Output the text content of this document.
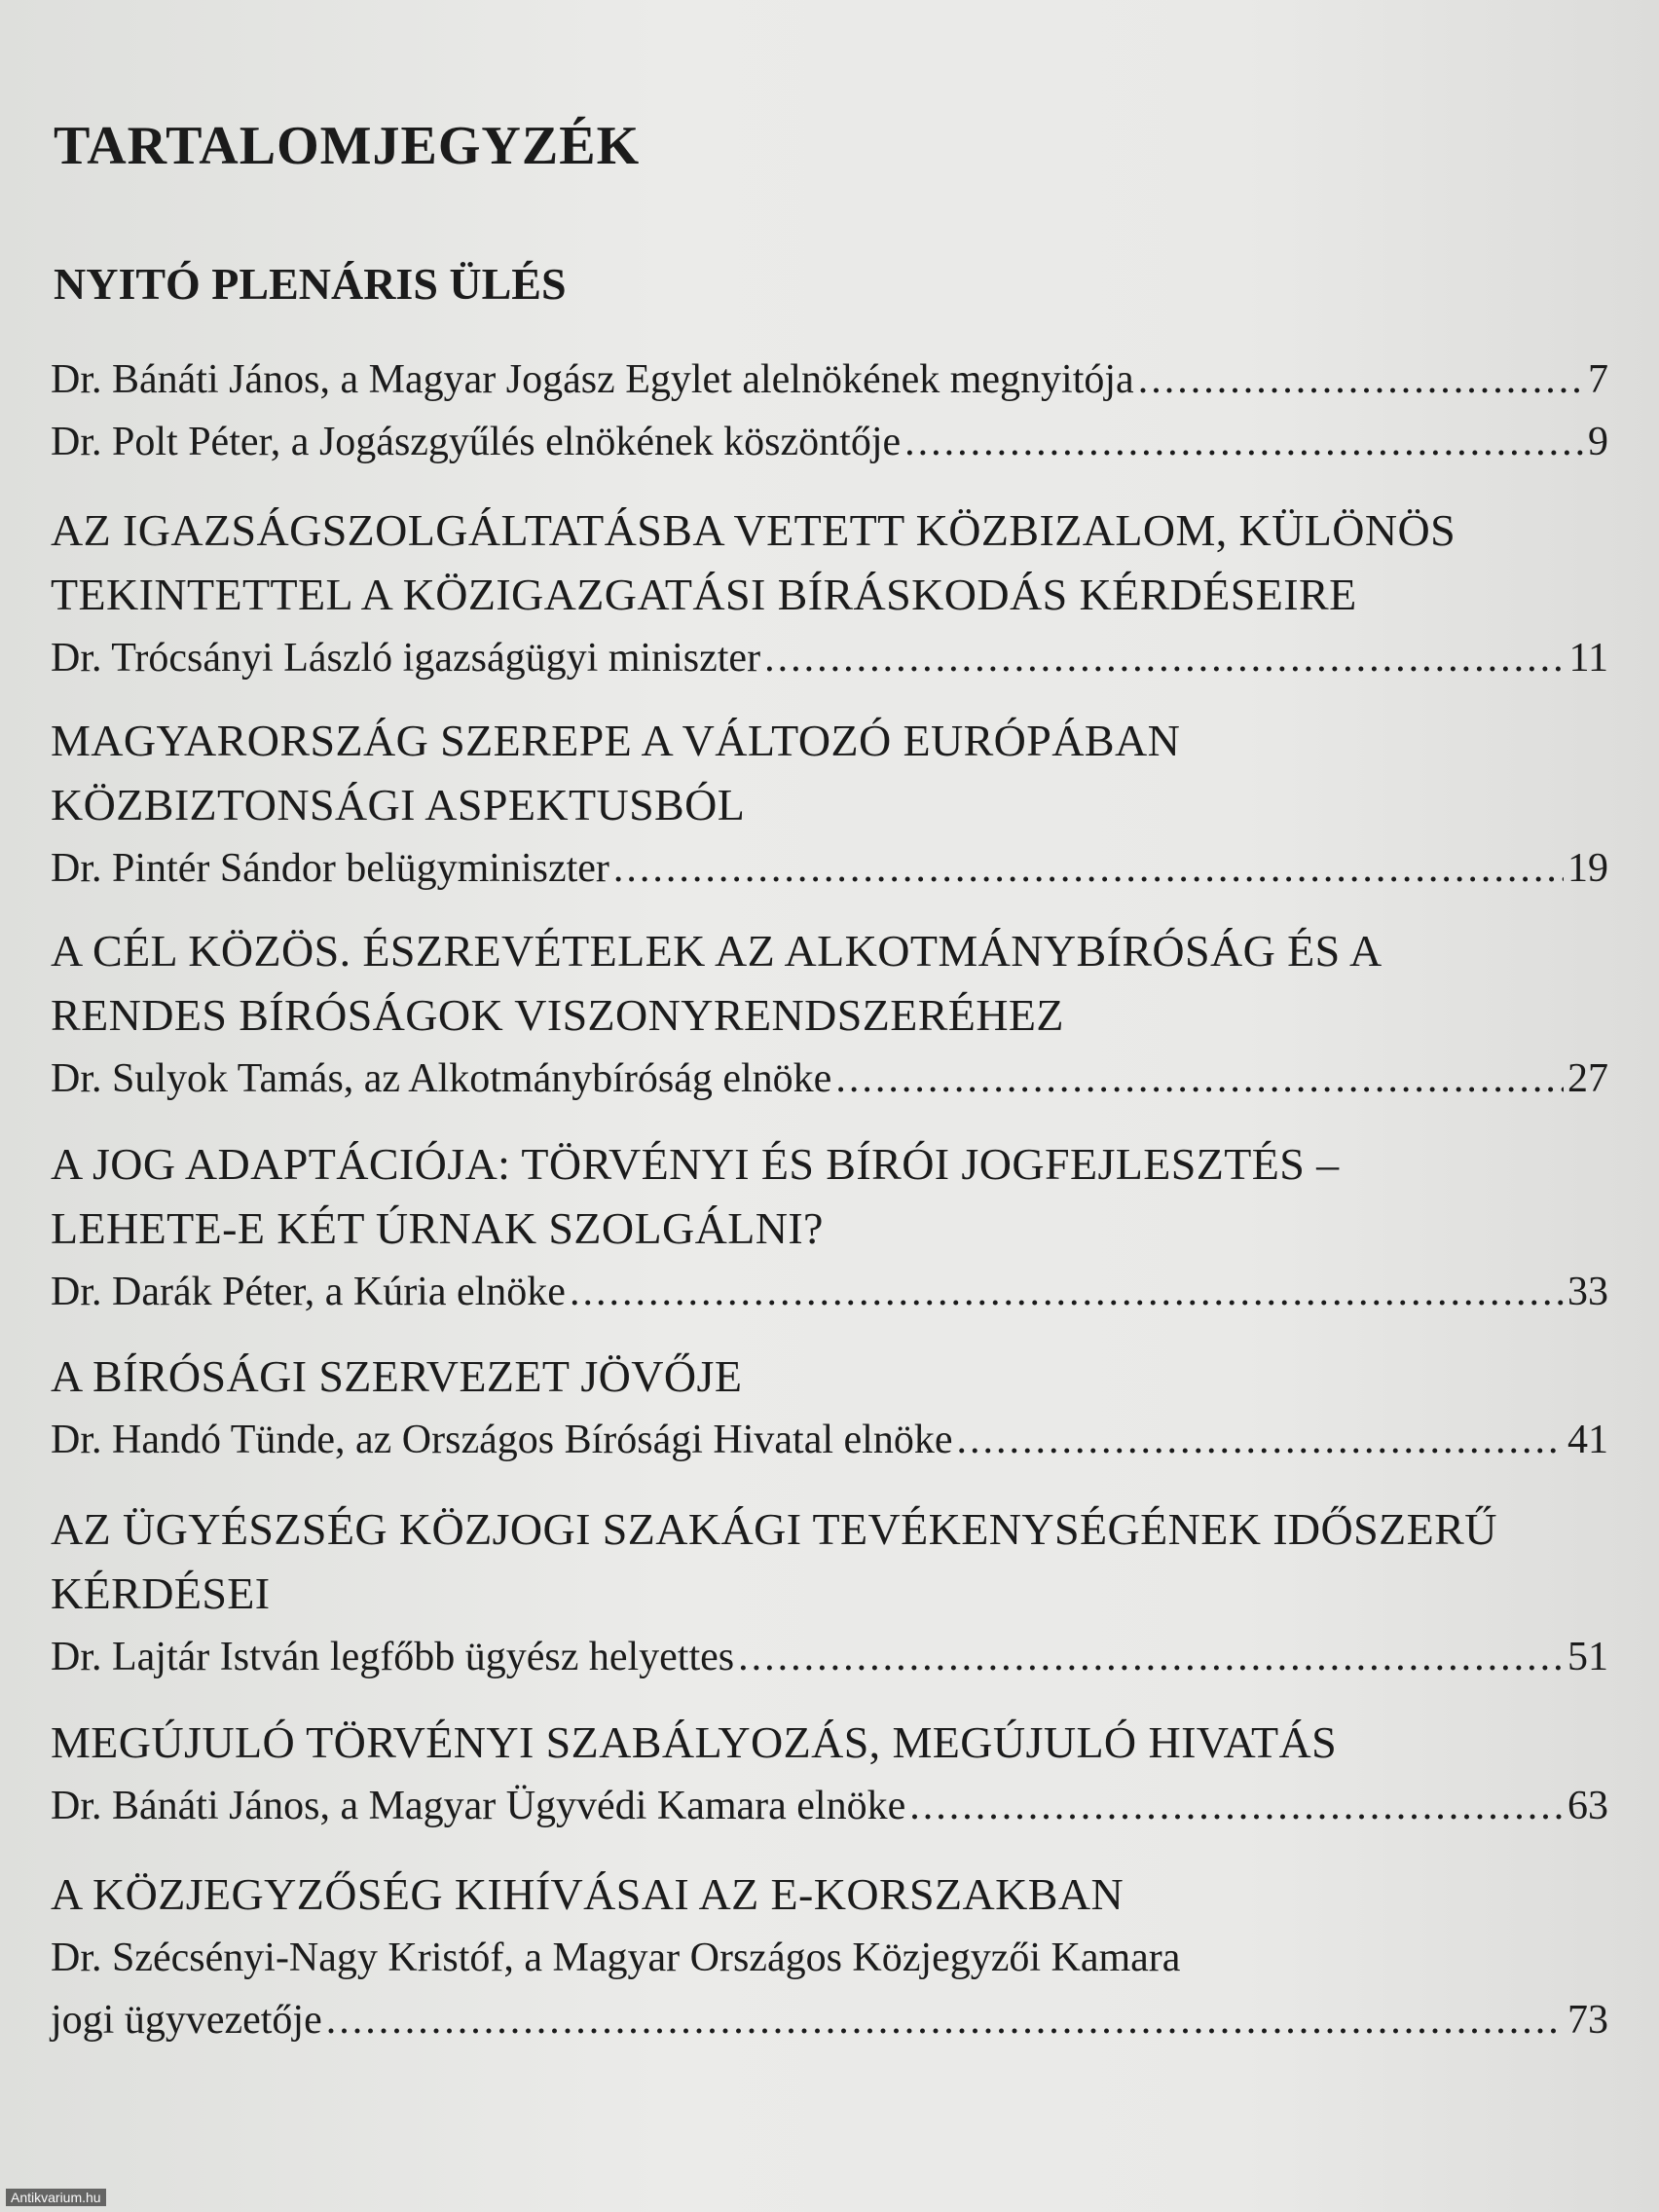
TARTALOMJEGYZÉK
NYITÓ PLENÁRIS ÜLÉS
Dr. Bánáti János, a Magyar Jogász Egylet alelnökének megnyitója .....	7
Dr. Polt Péter, a Jogászgyűlés elnökének köszöntője .....	9

AZ IGAZSÁGSZOLGÁLTATÁSBA VETETT KÖZBIZALOM, KÜLÖNÖS

TEKINTETTEL A KÖZIGAZGATÁSI BÍRÁSKODÁS KÉRDÉSEIRE

Dr. Trócsányi László igazságügyi miniszter .....	11

MAGYARORSZÁG SZEREPE A VÁLTOZÓ EURÓPÁBAN

KÖZBIZTONSÁGI ASPEKTUSBÓL

Dr. Pintér Sándor belügyminiszter .....	19

A CÉL KÖZÖS. ÉSZREVÉTELEK AZ ALKOTMÁNYBÍRÓSÁG ÉS A

RENDES BÍRÓSÁGOK VISZONYRENDSZERÉHEZ

Dr. Sulyok Tamás, az Alkotmánybíróság elnöke .....	27

A JOG ADAPTÁCIÓJA: TÖRVÉNYI ÉS BÍRÓI JOGFEJLESZTÉS –

LEHETE-E KÉT ÚRNAK SZOLGÁLNI?

Dr. Darák Péter, a Kúria elnöke .....	33

A BÍRÓSÁGI SZERVEZET JÖVŐJE

Dr. Handó Tünde, az Országos Bírósági Hivatal elnöke .....	41

AZ ÜGYÉSZSÉG KÖZJOGI SZAKÁGI TEVÉKENYSÉGÉNEK IDŐSZERŰ

KÉRDÉSEI

Dr. Lajtár István legfőbb ügyész helyettes .....	51

MEGÚJULÓ TÖRVÉNYI SZABÁLYOZÁS, MEGÚJULÓ HIVATÁS

Dr. Bánáti János, a Magyar Ügyvédi Kamara elnöke .....	63

A KÖZJEGYZŐSÉG KIHÍVÁSAI AZ E-KORSZAKBAN

Dr. Szécsényi-Nagy Kristóf, a Magyar Országos Közjegyzői Kamara
jogi ügyvezetője .....	73
Antikvarium.hu
